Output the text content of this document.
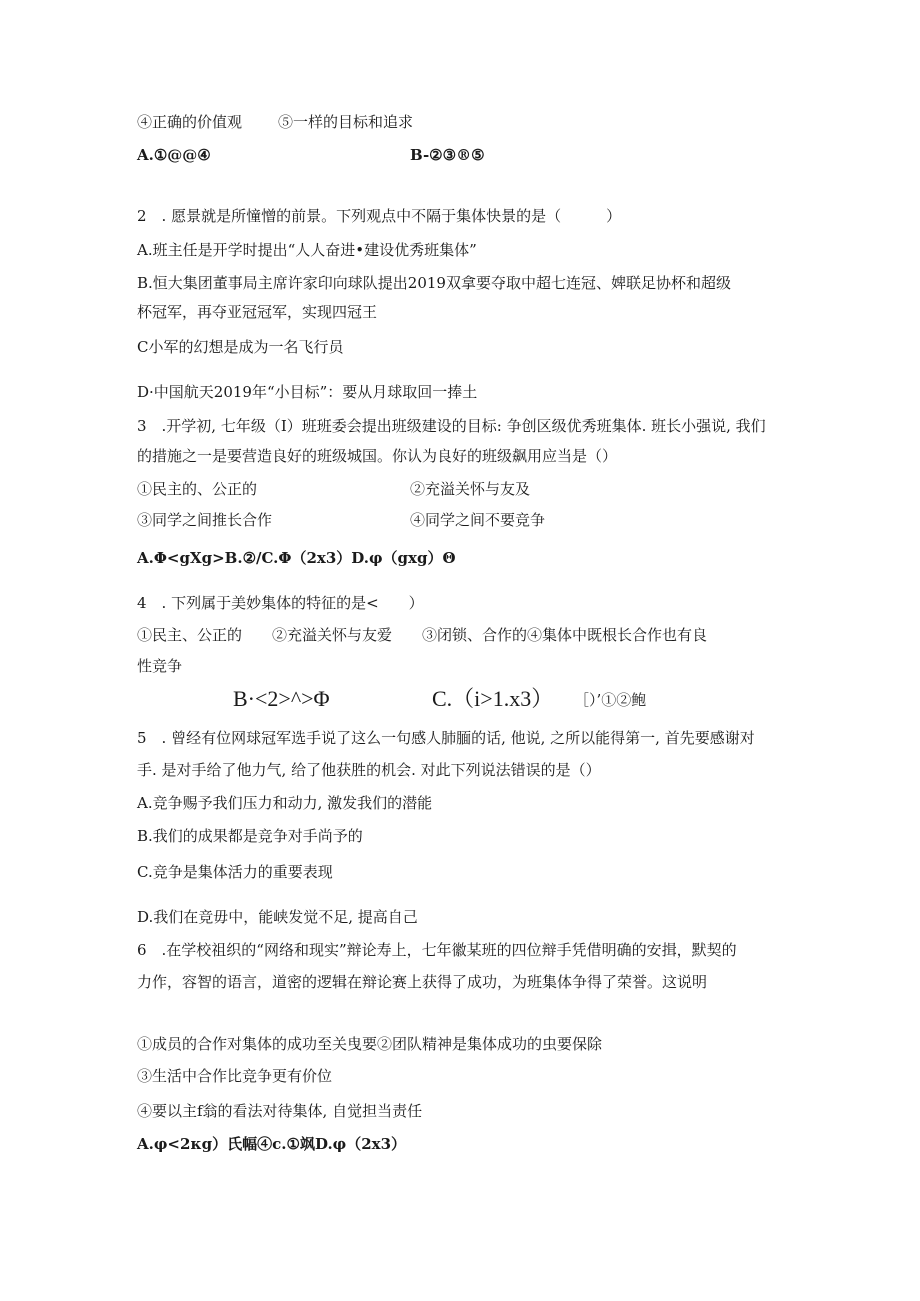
④正确的价值观 ⑤一样的目标和追求
A.①@@④	B-②③®⑤
2　. 愿景就是所憧憎的前景。下列观点中不隔于集体快景的是（　　　）
A.班主任是开学时提出“人人奋进•建设优秀班集体”
B.恒大集团董事局主席许家印向球队提出2019双拿要夺取中超七连冠、婢联足协杯和超级
杯冠军，再夺亚冠冠军，实现四冠王
C小军的幻想是成为一名飞行员
D·中国航天2019年“小目标”：要从月球取回一捧土
3　.开学初, 七年级（I）班班委会提出班级建设的目标: 争创区级优秀班集体. 班长小强说, 我们
的措施之一是要营造良好的班级城国。你认为良好的班级飙用应当是（）
①民主的、公正的	②充溢关怀与友及
③同学之间推长合作	④同学之间不要竞争
A.Φ<gXg>B.②/C.Φ（2x3）D.φ（gxg）Θ
4　. 下列属于美妙集体的特征的是<　　）
①民主、公正的　　②充溢关怀与友爱　　③闭锁、合作的④集体中既根长合作也有良
性竞争
B·<2>^>Φ	C.（i>1.x3） ［）’①②鲍
5　. 曾经有位网球冠军选手说了这么一句感人肺腼的话, 他说, 之所以能得第一, 首先要感谢对
手. 是对手给了他力气, 给了他获胜的机会. 对此下列说法错误的是（）
A.竞争赐予我们压力和动力, 激发我们的潜能
B.我们的成果都是竞争对手尚予的
C.竞争是集体活力的重要表现
D.我们在竞毋中，能峡发觉不足, 提高自己
6　.在学校祖织的“网络和现实”辩论寿上，七年徽某班的四位辩手凭借明确的安揖，默契的
力作，容智的语言，道密的逻辑在辩论赛上获得了成功，为班集体争得了荣誉。这说明
①成员的合作对集体的成功至关曳要②团队精神是集体成功的虫要保除
③生活中合作比竞争更有价位
④要以主f翁的看法对待集体, 自觉担当责任
A.φ<2κg）氏幅④c.①飒D.φ（2x3）
